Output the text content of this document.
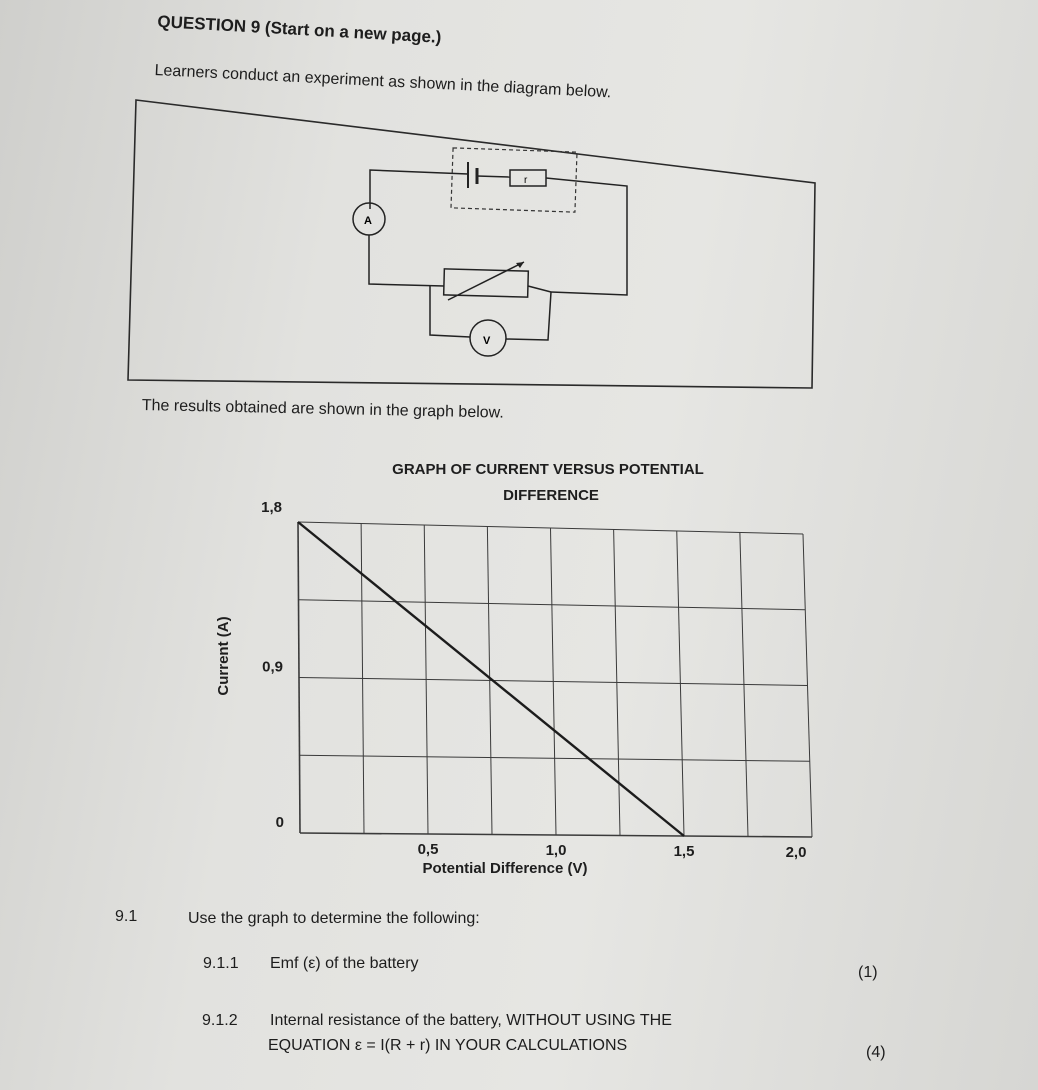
QUESTION 9 (Start on a new page.)
Learners conduct an experiment as shown in the diagram below.
r
A
V
The results obtained are shown in the graph below.
GRAPH OF CURRENT VERSUS POTENTIAL
DIFFERENCE
0
0,9
1,8
0,5	1,0	1,5	2,0
Potential Difference (V)
Current (A)
9.1	Use the graph to determine the following:
9.1.1 Emf (ε) of the battery
(1)
9.1.2 Internal resistance of the battery, WITHOUT USING THE
EQUATION ε = I(R + r) IN YOUR CALCULATIONS	(4)
